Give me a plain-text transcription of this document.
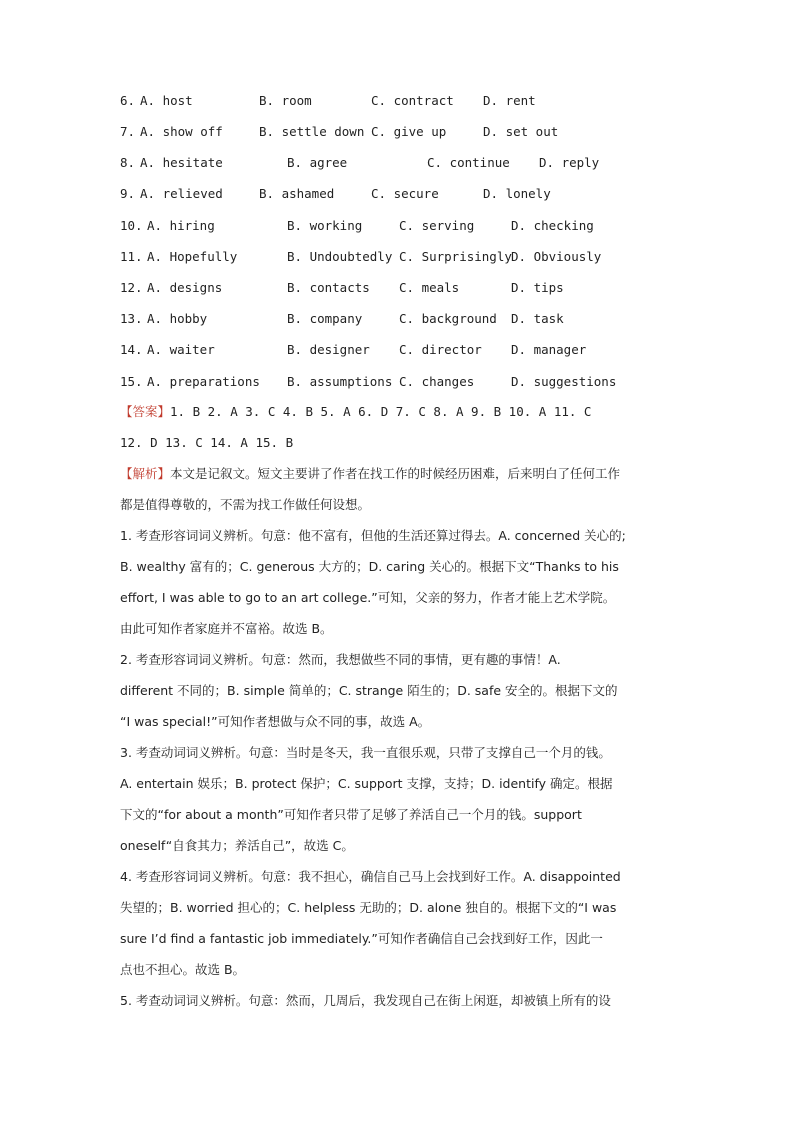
6. A. host	B. room	C. contract D. rent
7. A. show off	B. settle down C. give up	D. set out
8. A. hesitate	B. agree	C. continue D. reply
9. A. relieved	B. ashamed	C. secure	D. lonely
10. A. hiring	B. working	C. serving	D. checking
11. A. Hopefully	B. Undoubtedly C. Surprisingly D. Obviously
12. A. designs	B. contacts C. meals	D. tips
13. A. hobby	B. company	C. background D. task
14. A. waiter	B. designer C. director D. manager
15. A. preparations B. assumptions C. changes	D. suggestions
【答案】1. B 2. A 3. C 4. B 5. A 6. D 7. C 8. A 9. B 10. A 11. C
12. D 13. C 14. A 15. B
【解析】本文是记叙文。短文主要讲了作者在找工作的时候经历困难，后来明白了任何工作
都是值得尊敬的，不需为找工作做任何设想。
1. 考查形容词词义辨析。句意：他不富有，但他的生活还算过得去。A. concerned 关心的;
B. wealthy 富有的；C. generous 大方的；D. caring 关心的。根据下文“Thanks to his
effort, I was able to go to an art college.”可知，父亲的努力，作者才能上艺术学院。
由此可知作者家庭并不富裕。故选 B。
2. 考查形容词词义辨析。句意：然而，我想做些不同的事情，更有趣的事情！A.
different 不同的；B. simple 简单的；C. strange 陌生的；D. safe 安全的。根据下文的
“I was special!”可知作者想做与众不同的事，故选 A。
3. 考查动词词义辨析。句意：当时是冬天，我一直很乐观，只带了支撑自己一个月的钱。
A. entertain 娱乐；B. protect 保护；C. support 支撑，支持；D. identify 确定。根据
下文的“for about a month”可知作者只带了足够了养活自己一个月的钱。support
oneself“自食其力；养活自己”，故选 C。
4. 考查形容词词义辨析。句意：我不担心，确信自己马上会找到好工作。A. disappointed
失望的；B. worried 担心的；C. helpless 无助的；D. alone 独自的。根据下文的“I was
sure I’d find a fantastic job immediately.”可知作者确信自己会找到好工作，因此一
点也不担心。故选 B。
5. 考查动词词义辨析。句意：然而，几周后，我发现自己在街上闲逛，却被镇上所有的设
